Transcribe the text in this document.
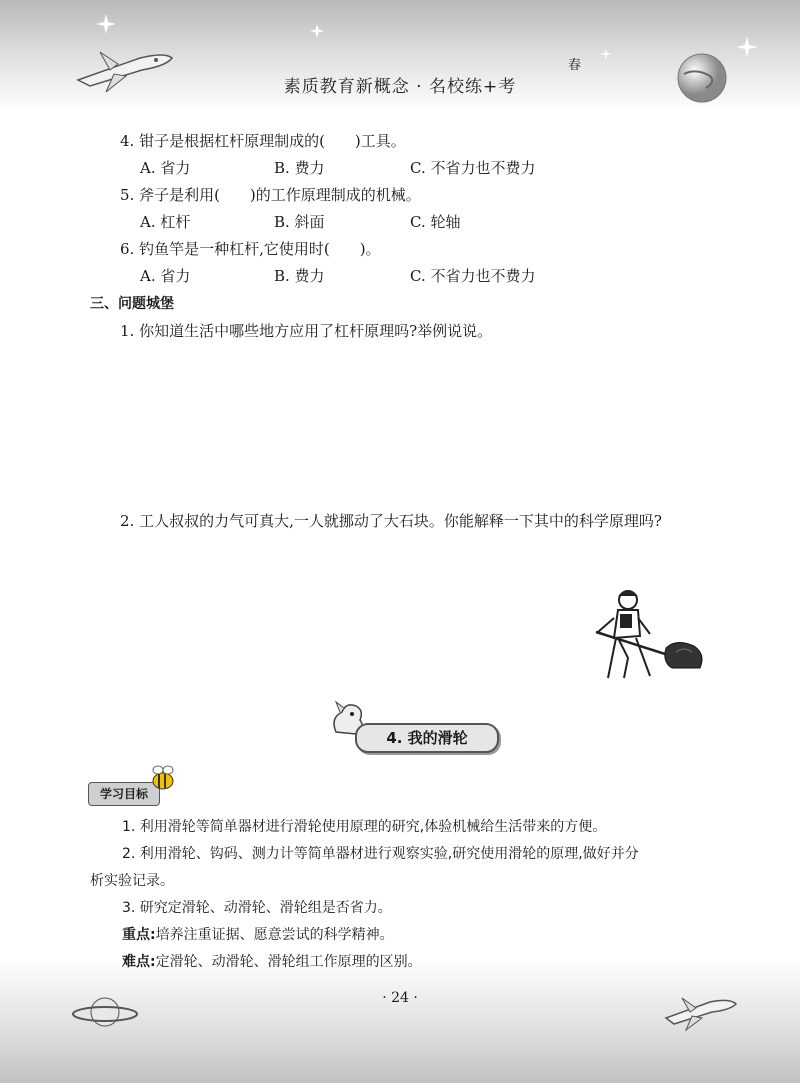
春
素质教育新概念 · 名校练+考
4. 钳子是根据杠杆原理制成的(　　)工具。
A. 省力	B. 费力	C. 不省力也不费力
5. 斧子是利用(　　)的工作原理制成的机械。
A. 杠杆	B. 斜面	C. 轮轴
6. 钓鱼竿是一种杠杆,它使用时(　　)。
A. 省力	B. 费力	C. 不省力也不费力
三、问题城堡
1. 你知道生活中哪些地方应用了杠杆原理吗?举例说说。
2. 工人叔叔的力气可真大,一人就挪动了大石块。你能解释一下其中的科学原理吗?
4. 我的滑轮
学习目标
1. 利用滑轮等简单器材进行滑轮使用原理的研究,体验机械给生活带来的方便。
2. 利用滑轮、钩码、测力计等简单器材进行观察实验,研究使用滑轮的原理,做好并分
析实验记录。
3. 研究定滑轮、动滑轮、滑轮组是否省力。
重点:培养注重证据、愿意尝试的科学精神。
难点:定滑轮、动滑轮、滑轮组工作原理的区别。
· 24 ·
